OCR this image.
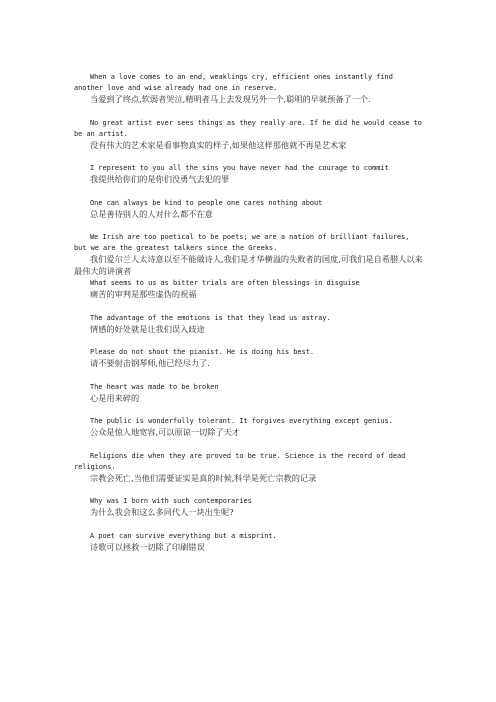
When a love comes to an end, weaklings cry, efficient ones instantly find another love and wise already had one in reserve.

当爱到了终点,软弱者哭泣,精明者马上去发现另外一个,聪明的早就预备了一个.

No great artist ever sees things as they really are. If he did he would cease to be an artist.

没有伟大的艺术家是看事物真实的样子,如果他这样那他就不再是艺术家

I represent to you all the sins you have never had the courage to commit

我提供给你们的是你们没勇气去犯的罪

One can always be kind to people one cares nothing about

总是善待别人的人对什么都不在意

We Irish are too poetical to be poets; we are a nation of brilliant failures, but we are the greatest talkers since the Greeks.

我们爱尔兰人太诗意以至不能做诗人,我们是才华横溢的失败者的国度,可我们是自希腊人以来最伟大的讲演者

What seems to us as bitter trials are often blessings in disguise

痛苦的审判是那些虚伪的祝福

The advantage of the emotions is that they lead us astray.

情感的好处就是让我们误入歧途

Please do not shoot the pianist. He is doing his best.

请不要射击钢琴师,他已经尽力了.

The heart was made to be broken

心是用来碎的

The public is wonderfully tolerant. It forgives everything except genius.

公众是惊人地宽容,可以原谅一切除了天才

Religions die when they are proved to be true. Science is the record of dead religions.

宗教会死亡,当他们需要证实是真的时候,科学是死亡宗教的记录

Why was I born with such contemporaries

为什么我会和这么多同代人一块出生呢?

A poet can survive everything but a misprint.

诗歌可以拯救一切除了印刷错误
